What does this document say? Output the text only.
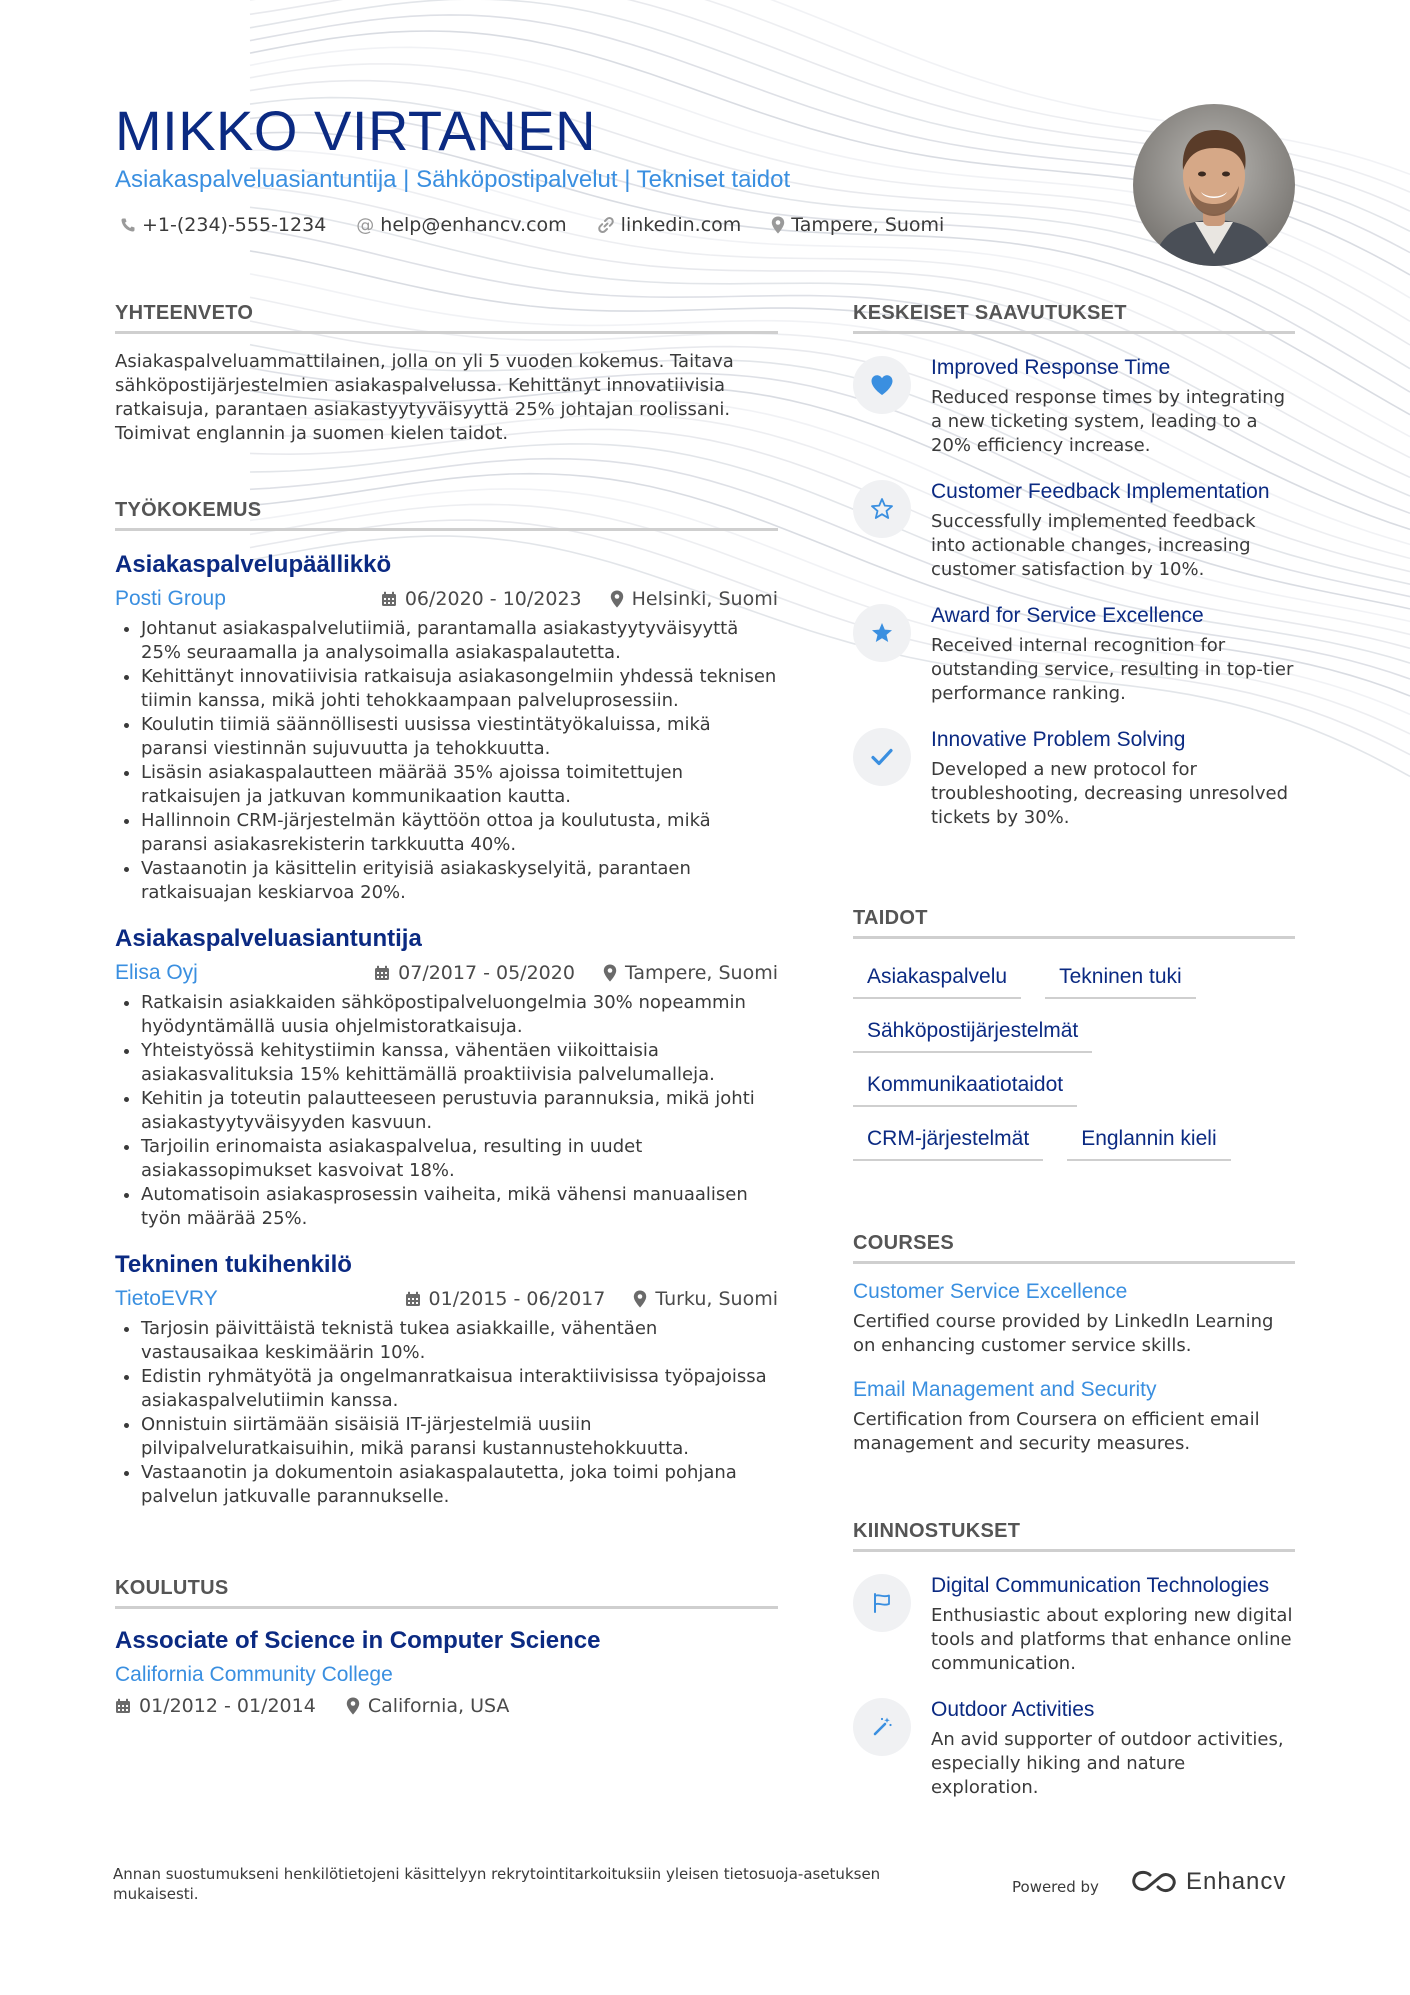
MIKKO VIRTANEN
Asiakaspalveluasiantuntija | Sähköpostipalvelut | Tekniset taidot
+1-(234)-555-1234 @ help@enhancv.com	linkedin.com	Tampere, Suomi
YHTEENVETO
Asiakaspalveluammattilainen, jolla on yli 5 vuoden kokemus. Taitava sähköpostijärjestelmien asiakaspalvelussa. Kehittänyt innovatiivisia ratkaisuja, parantaen asiakastyytyväisyyttä 25% johtajan roolissani. Toimivat englannin ja suomen kielen taidot.
TYÖKOKEMUS
Asiakaspalvelupäällikkö
Posti Group	06/2020 - 10/2023	Helsinki, Suomi
• Johtanut asiakaspalvelutiimiä, parantamalla asiakastyytyväisyyttä 25% seuraamalla ja analysoimalla asiakaspalautetta.
• Kehittänyt innovatiivisia ratkaisuja asiakasongelmiin yhdessä teknisen tiimin kanssa, mikä johti tehokkaampaan palveluprosessiin.
• Koulutin tiimiä säännöllisesti uusissa viestintätyökaluissa, mikä paransi viestinnän sujuvuutta ja tehokkuutta.
• Lisäsin asiakaspalautteen määrää 35% ajoissa toimitettujen ratkaisujen ja jatkuvan kommunikaation kautta.
• Hallinnoin CRM-järjestelmän käyttöön ottoa ja koulutusta, mikä paransi asiakasrekisterin tarkkuutta 40%.
• Vastaanotin ja käsittelin erityisiä asiakaskyselyitä, parantaen ratkaisuajan keskiarvoa 20%.
Asiakaspalveluasiantuntija
Elisa Oyj	07/2017 - 05/2020	Tampere, Suomi
• Ratkaisin asiakkaiden sähköpostipalveluongelmia 30% nopeammin hyödyntämällä uusia ohjelmistoratkaisuja.
• Yhteistyössä kehitystiimin kanssa, vähentäen viikoittaisia asiakasvalituksia 15% kehittämällä proaktiivisia palvelumalleja.
• Kehitin ja toteutin palautteeseen perustuvia parannuksia, mikä johti asiakastyytyväisyyden kasvuun.
• Tarjoilin erinomaista asiakaspalvelua, resulting in uudet asiakassopimukset kasvoivat 18%.
• Automatisoin asiakasprosessin vaiheita, mikä vähensi manuaalisen työn määrää 25%.
Tekninen tukihenkilö
TietoEVRY	01/2015 - 06/2017	Turku, Suomi
• Tarjosin päivittäistä teknistä tukea asiakkaille, vähentäen vastausaikaa keskimäärin 10%.
• Edistin ryhmätyötä ja ongelmanratkaisua interaktiivisissa työpajoissa asiakaspalvelutiimin kanssa.
• Onnistuin siirtämään sisäisiä IT-järjestelmiä uusiin pilvipalveluratkaisuihin, mikä paransi kustannustehokkuutta.
• Vastaanotin ja dokumentoin asiakaspalautetta, joka toimi pohjana palvelun jatkuvalle parannukselle.
KOULUTUS
Associate of Science in Computer Science
California Community College
01/2012 - 01/2014	California, USA
KESKEISET SAAVUTUKSET
Improved Response Time
Reduced response times by integrating a new ticketing system, leading to a 20% efficiency increase.
Customer Feedback Implementation
Successfully implemented feedback into actionable changes, increasing customer satisfaction by 10%.
Award for Service Excellence
Received internal recognition for outstanding service, resulting in top-tier performance ranking.
Innovative Problem Solving
Developed a new protocol for troubleshooting, decreasing unresolved tickets by 30%.
TAIDOT
Asiakaspalvelu	Tekninen tuki
Sähköpostijärjestelmät
Kommunikaatiotaidot
CRM-järjestelmät	Englannin kieli
COURSES
Customer Service Excellence
Certified course provided by LinkedIn Learning on enhancing customer service skills.
Email Management and Security
Certification from Coursera on efficient email management and security measures.
KIINNOSTUKSET
Digital Communication Technologies
Enthusiastic about exploring new digital tools and platforms that enhance online communication.
Outdoor Activities
An avid supporter of outdoor activities, especially hiking and nature exploration.
Annan suostumukseni henkilötietojeni käsittelyyn rekrytointitarkoituksiin yleisen tietosuoja-asetuksen mukaisesti.	Powered by	Enhancv
